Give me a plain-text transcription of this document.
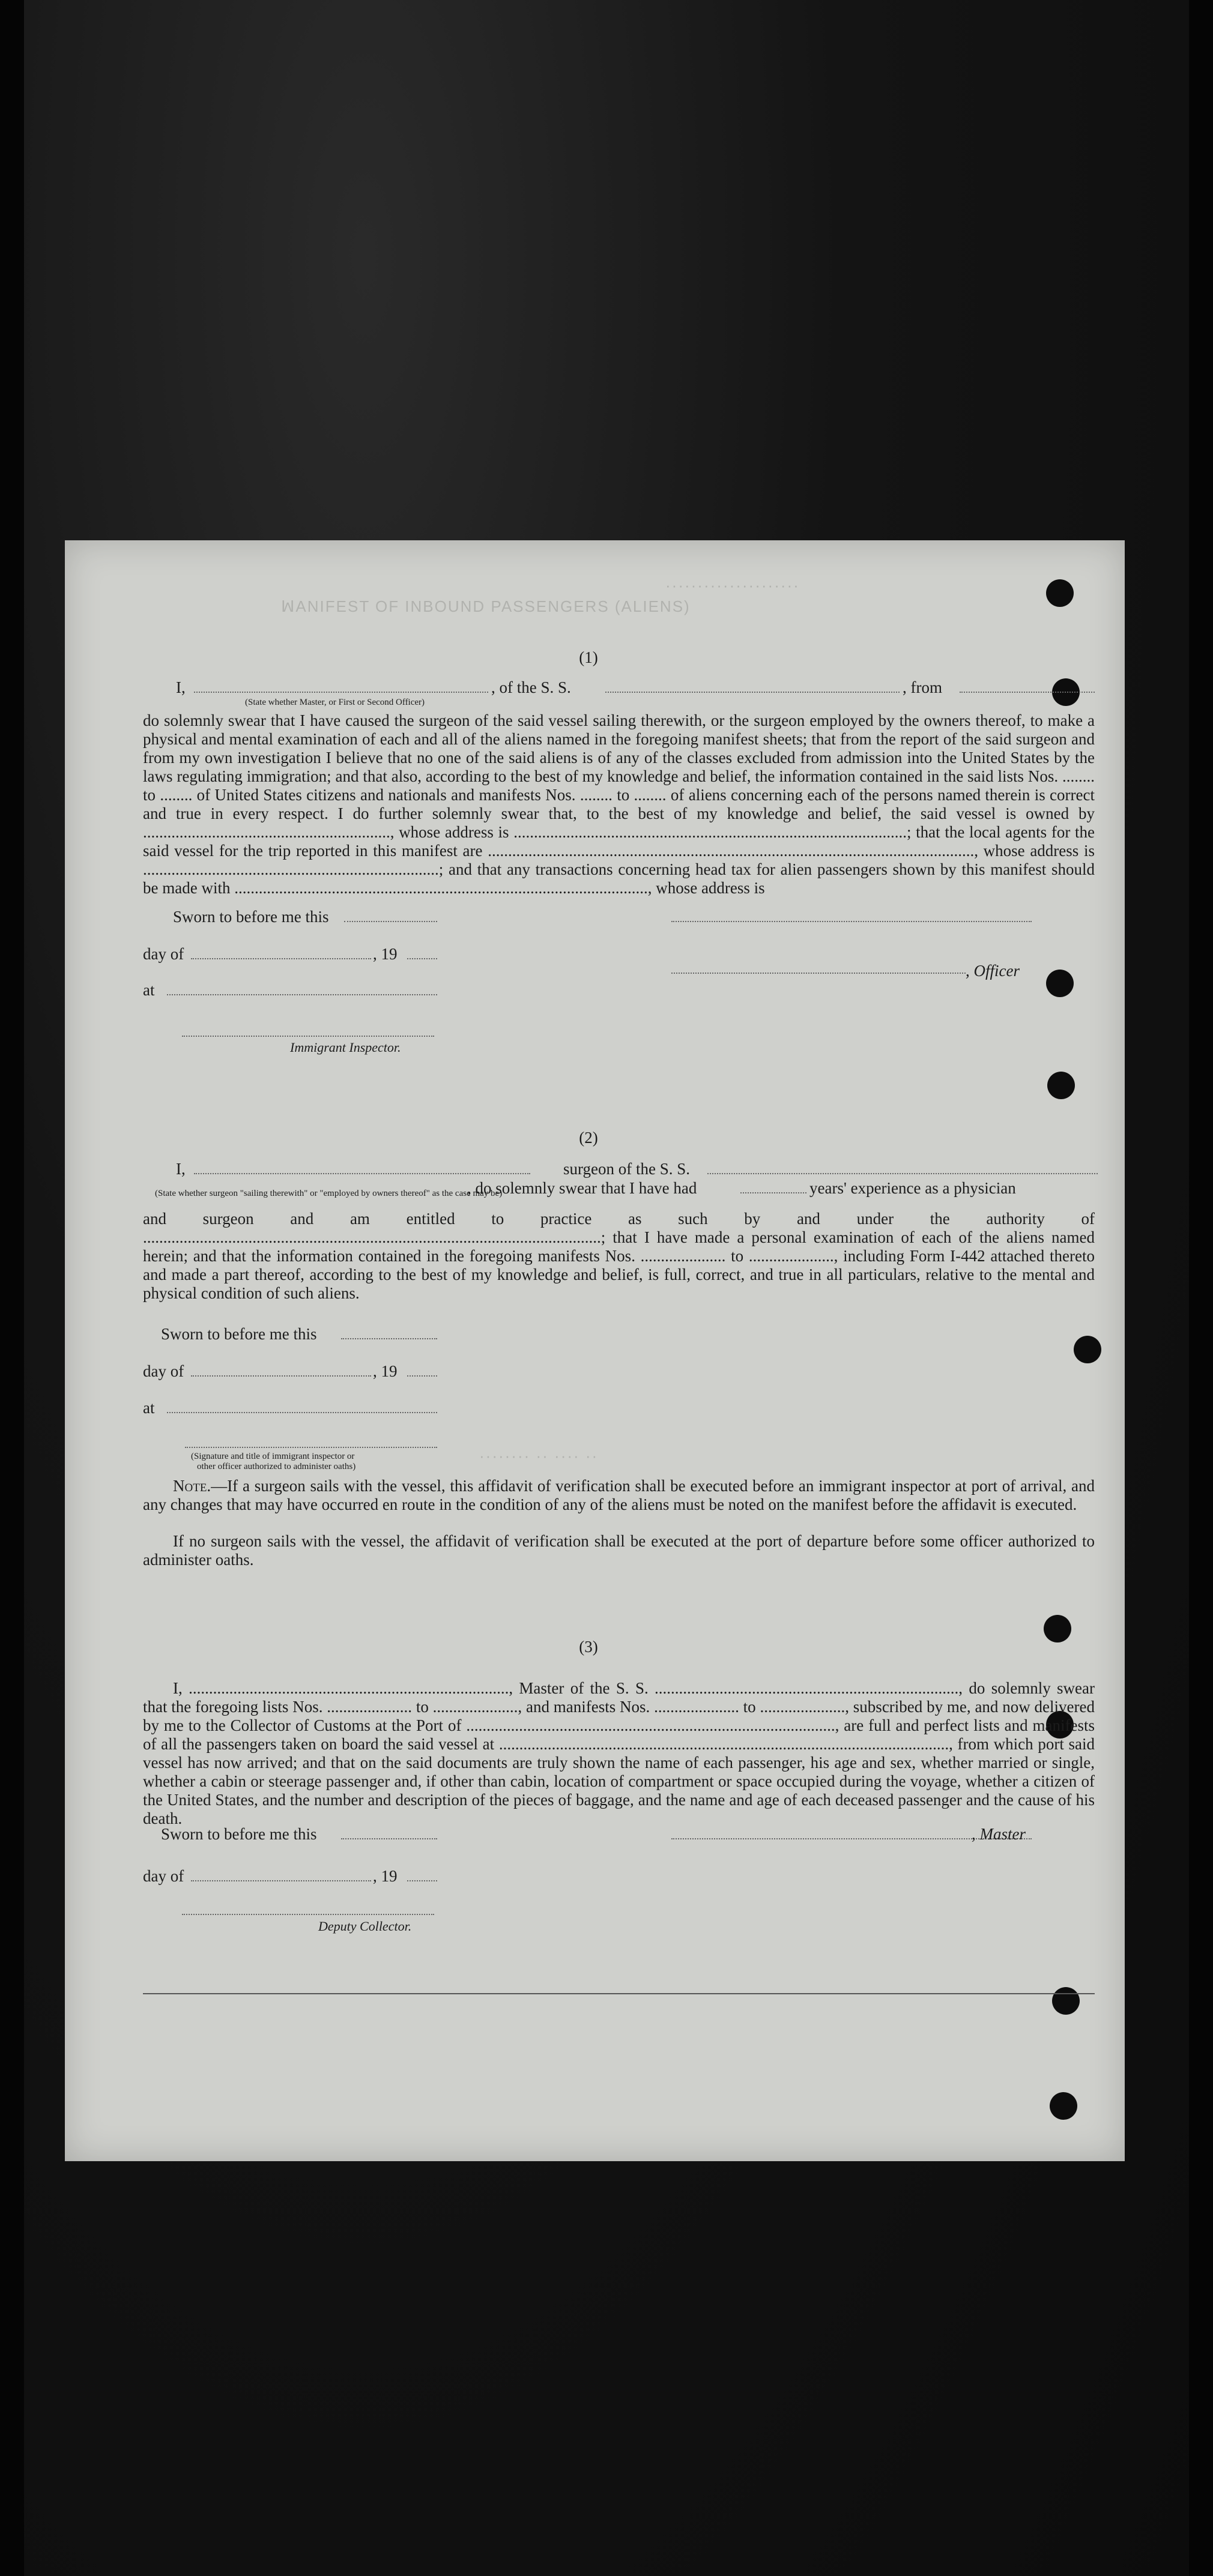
ꟽANIFEST OF INBOUND PASSENGERS (ALIENS)
·····················
········ ·· ···· ··
(1)
I,	, of the S. S.	, from
(State whether Master, or First or Second Officer)
do solemnly swear that I have caused the surgeon of the said vessel sailing therewith, or the surgeon employed by the owners thereof, to make a physical and mental examination of each and all of the aliens named in the foregoing manifest sheets; that from the report of the said surgeon and from my own investigation I believe that no one of the said aliens is of any of the classes excluded from admission into the United States by the laws regulating immigration; and that also, according to the best of my knowledge and belief, the information contained in the said lists Nos. ........ to ........ of United States citizens and nationals and manifests Nos. ........ to ........ of aliens concerning each of the persons named therein is correct and true in every respect. I do further solemnly swear that, to the best of my knowledge and belief, the said vessel is owned by ............................................................., whose address is .................................................................................................; that the local agents for the said vessel for the trip reported in this manifest are ........................................................................................................................, whose address is .........................................................................; and that any transactions concerning head tax for alien passengers shown by this manifest should be made with ......................................................................................................, whose address is
Sworn to before me this
day of	, 19
, Officer
at
Immigrant Inspector.
(2)
I,	surgeon of the S. S.
(State whether surgeon "sailing therewith" or "employed by owners thereof" as the case may be)
, do solemnly swear that I have had	years' experience as a physician
and surgeon and am entitled to practice as such by and under the authority of .................................................................................................................; that I have made a personal examination of each of the aliens named herein; and that the information contained in the foregoing manifests Nos. ..................... to ....................., including Form I-442 attached thereto and made a part thereof, according to the best of my knowledge and belief, is full, correct, and true in all particulars, relative to the mental and physical condition of such aliens.
Sworn to before me this
day of	, 19
at
(Signature and title of immigrant inspector or
other officer authorized to administer oaths)
Note.—If a surgeon sails with the vessel, this affidavit of verification shall be executed before an immigrant inspector at port of arrival, and any changes that may have occurred en route in the condition of any of the aliens must be noted on the manifest before the affidavit is executed.
If no surgeon sails with the vessel, the affidavit of verification shall be executed at the port of departure before some officer authorized to administer oaths.
(3)
I, ..............................................................................., Master of the S. S. ..........................................................................., do solemnly swear that the foregoing lists Nos. ..................... to ....................., and manifests Nos. ..................... to ....................., subscribed by me, and now delivered by me to the Collector of Customs at the Port of ..........................................................................................., are full and perfect lists and manifests of all the passengers taken on board the said vessel at ..............................................................................................................., from which port said vessel has now arrived; and that on the said documents are truly shown the name of each passenger, his age and sex, whether married or single, whether a cabin or steerage passenger and, if other than cabin, location of compartment or space occupied during the voyage, whether a citizen of the United States, and the number and description of the pieces of baggage, and the name and age of each deceased passenger and the cause of his death.
Sworn to before me this	, Master
day of	, 19
Deputy Collector.
